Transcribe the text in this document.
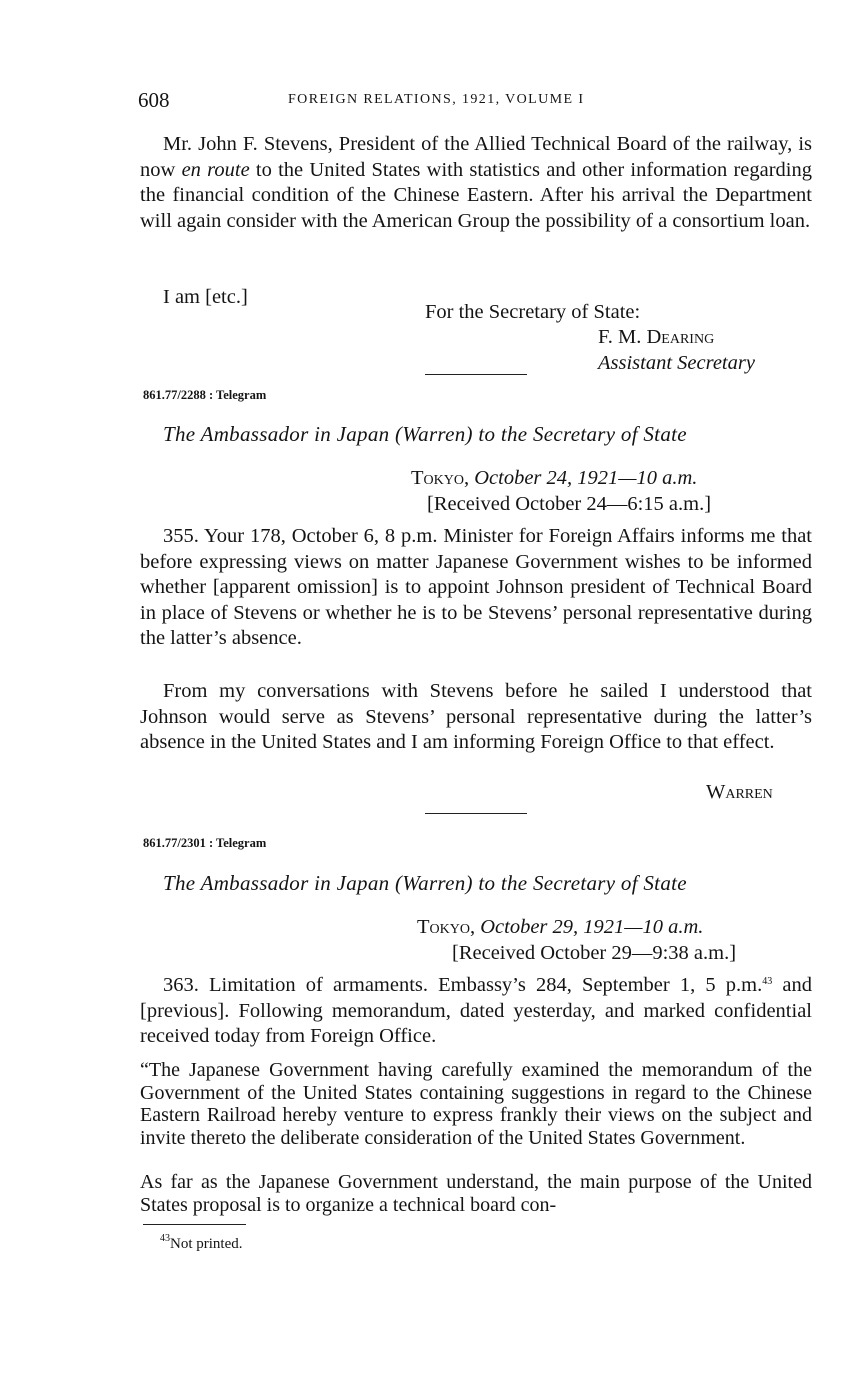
608	FOREIGN RELATIONS, 1921, VOLUME I

Mr. John F. Stevens, President of the Allied Technical Board of the railway, is now en route to the United States with statistics and other information regarding the financial condition of the Chinese Eastern. After his arrival the Department will again consider with the American Group the possibility of a consortium loan.

I am [etc.]
For the Secretary of State:
F. M. Dearing
Assistant Secretary
861.77/2288 : Telegram
The Ambassador in Japan (Warren) to the Secretary of State
Tokyo, October 24, 1921—10 a.m.
[Received October 24—6:15 a.m.]

355. Your 178, October 6, 8 p.m. Minister for Foreign Affairs informs me that before expressing views on matter Japanese Government wishes to be informed whether [apparent omission] is to appoint Johnson president of Technical Board in place of Stevens or whether he is to be Stevens’ personal representative during the latter’s absence.

From my conversations with Stevens before he sailed I understood that Johnson would serve as Stevens’ personal representative during the latter’s absence in the United States and I am informing Foreign Office to that effect.

Warren
861.77/2301 : Telegram
The Ambassador in Japan (Warren) to the Secretary of State
Tokyo, October 29, 1921—10 a.m.
[Received October 29—9:38 a.m.]

363. Limitation of armaments. Embassy’s 284, September 1, 5 p.m.$^{43}$ and [previous]. Following memorandum, dated yesterday, and marked confidential received today from Foreign Office.

“The Japanese Government having carefully examined the memorandum of the Government of the United States containing suggestions in regard to the Chinese Eastern Railroad hereby venture to express frankly their views on the subject and invite thereto the deliberate consideration of the United States Government.

As far as the Japanese Government understand, the main purpose of the United States proposal is to organize a technical board con-

$^{43}$Not printed.
